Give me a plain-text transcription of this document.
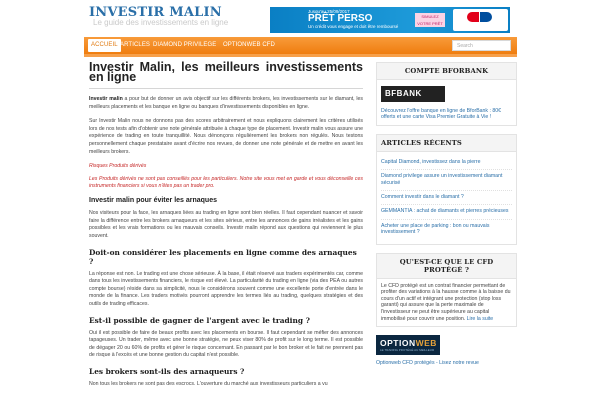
INVESTIR MALIN
Le guide des investissements en ligne
Jusqu'au 25/09/2017
PRÊT PERSO
Un crédit vous engage et doit être remboursé
SIMULEZ VOTRE PRÊT
ACCUEIL ARTICLES DIAMOND PRIVILEGE OPTIONWEB CFD	Search
Investir Malin, les meilleurs investissements en ligne

Investir malin a pour but de donner un avis objectif sur les différents brokers, les investissements sur le diamant, les meilleurs placements et les banque en ligne ou banques d'investissements disponibles en ligne.

Sur Investir Malin nous ne donnons pas des scores arbitrairement et nous expliquons clairement les critères utilisés lors de nos tests afin d'obtenir une note générale attribuée à chaque type de placement. Investir malin vous assure une expérience de trading en toute tranquillité. Nous dénonçons régulièrement les brokers non régulés. Nous testons personnellement chaque prestataire avant d'écrire nos revues, de donner une note générale et de mettre en avant les meilleurs brokers.

Risques Produits dérivés

Les Produits dérivés ne sont pas conseillés pour les particuliers. Notre site vous met en garde et vous déconseille ces instruments financiers si vous n'êtes pas un trader pro.

Investir malin pour éviter les arnaques

Nos visiteurs pour la face, les arnaques liées au trading en ligne sont bien réelles. Il faut cependant nuancer et savoir faire la différence entre les brokers arnaqueurs et les sites sérieux, entre les annonces de gains irréalistes et les gains possibles et les vrais formations ou les mauvais conseils. Investir malin répond aux questions qui reviennent le plus souvent.

Doit-on considérer les placements en ligne comme des arnaques ?

La réponse est non. Le trading est une chose sérieuse. À la base, il était réservé aux traders expérimentés car, comme dans tous les investissements financiers, le risque est élevé. La particularité du trading en ligne (via des PEA ou autres compte bourse) réside dans sa simplicité, nous le considérons souvent comme une excellente porte d'entrée dans le monde de la finance. Les traders motivés pourront apprendre les termes liés au trading, quelques stratégies et des outils de trading efficaces.

Est-il possible de gagner de l'argent avec le trading ?

Oui il est possible de faire de beaux profits avec les placements en bourse. Il faut cependant se méfier des annonces tapageuses. Un trader, même avec une bonne stratégie, ne peux viser 80% de profit sur le long terme. Il est possible de dégager 20 ou 60% de profits et gérer le risque concernant. En passant par le bon broker et le fait ne prennent pas de risque à l'excès et une bonne gestion du capital n'est possible.

Les brokers sont-ils des arnaqueurs ?

Non tous les brokers ne sont pas des escrocs. L'ouverture du marché aux investisseurs particuliers a vu

COMPTE BFORBANK
BFBANK
Découvrez l'offre banque en ligne de BforBank : 80€ offerts et une carte Visa Premier Gratuite à Vie !
ARTICLES RÉCENTS
Capital Diamond, investissez dans la pierre
Diamond privilege assure un investissement diamant sécurisé
Comment investir dans le diamant ?
GEMMANTIA : achat de diamants et pierres précieuses
Acheter une place de parking : bon ou mauvais investissement ?
QU'EST-CE QUE LE CFD PROTÉGÉ ?
Le CFD protégé est un contrat financier permettant de profiter des variations à la hausse comme à la baisse du cours d'un actif et intégrant une protection (stop loss garanti) qui assure que la perte maximale de l'investisseur ne peut être supérieure au capital immobilisé pour couvrir une position. Lire la suite
OPTIONWEB
LE TRADING PROTÉGÉ AU MEILLEUR
Optionweb CFD protégés - Lisez notre revue
